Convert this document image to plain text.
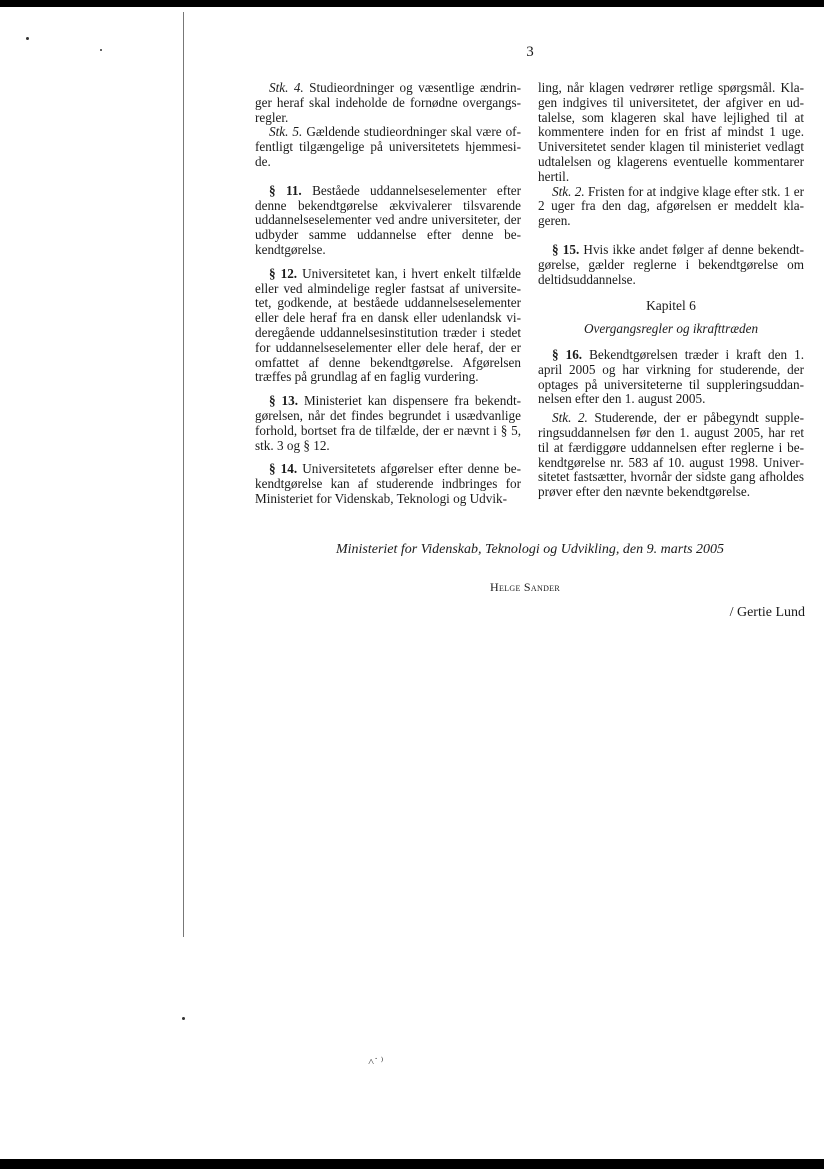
3

Stk. 4. Studieordninger og væsentlige ændringer heraf skal indeholde de fornødne overgangsregler.

Stk. 5. Gældende studieordninger skal være offentligt tilgængelige på universitetets hjemmeside.

§ 11. Beståede uddannelseselementer efter denne bekendtgørelse ækvivalerer tilsvarende uddannelseselementer ved andre universiteter, der udbyder samme uddannelse efter denne bekendtgørelse.

§ 12. Universitetet kan, i hvert enkelt tilfælde eller ved almindelige regler fastsat af universitetet, godkende, at beståede uddannelseselementer eller dele heraf fra en dansk eller udenlandsk videregående uddannelsesinstitution træder i stedet for uddannelseselementer eller dele heraf, der er omfattet af denne bekendtgørelse. Afgørelsen træffes på grundlag af en faglig vurdering.

§ 13. Ministeriet kan dispensere fra bekendtgørelsen, når det findes begrundet i usædvanlige forhold, bortset fra de tilfælde, der er nævnt i § 5, stk. 3 og § 12.

§ 14. Universitetets afgørelser efter denne bekendtgørelse kan af studerende indbringes for Ministeriet for Videnskab, Teknologi og Udvik-

ling, når klagen vedrører retlige spørgsmål. Klagen indgives til universitetet, der afgiver en udtalelse, som klageren skal have lejlighed til at kommentere inden for en frist af mindst 1 uge. Universitetet sender klagen til ministeriet vedlagt udtalelsen og klagerens eventuelle kommentarer hertil.

Stk. 2. Fristen for at indgive klage efter stk. 1 er 2 uger fra den dag, afgørelsen er meddelt klageren.

§ 15. Hvis ikke andet følger af denne bekendtgørelse, gælder reglerne i bekendtgørelse om deltidsuddannelse.

Kapitel 6

Overgangsregler og ikrafttræden

§ 16. Bekendtgørelsen træder i kraft den 1. april 2005 og har virkning for studerende, der optages på universiteterne til suppleringsuddannelsen efter den 1. august 2005.

Stk. 2. Studerende, der er påbegyndt suppleringsuddannelsen før den 1. august 2005, har ret til at færdiggøre uddannelsen efter reglerne i bekendtgørelse nr. 583 af 10. august 1998. Universitetet fastsætter, hvornår der sidste gang afholdes prøver efter den nævnte bekendtgørelse.

Ministeriet for Videnskab, Teknologi og Udvikling, den 9. marts 2005
Helge Sander
/ Gertie Lund
˄˙ ⁾
